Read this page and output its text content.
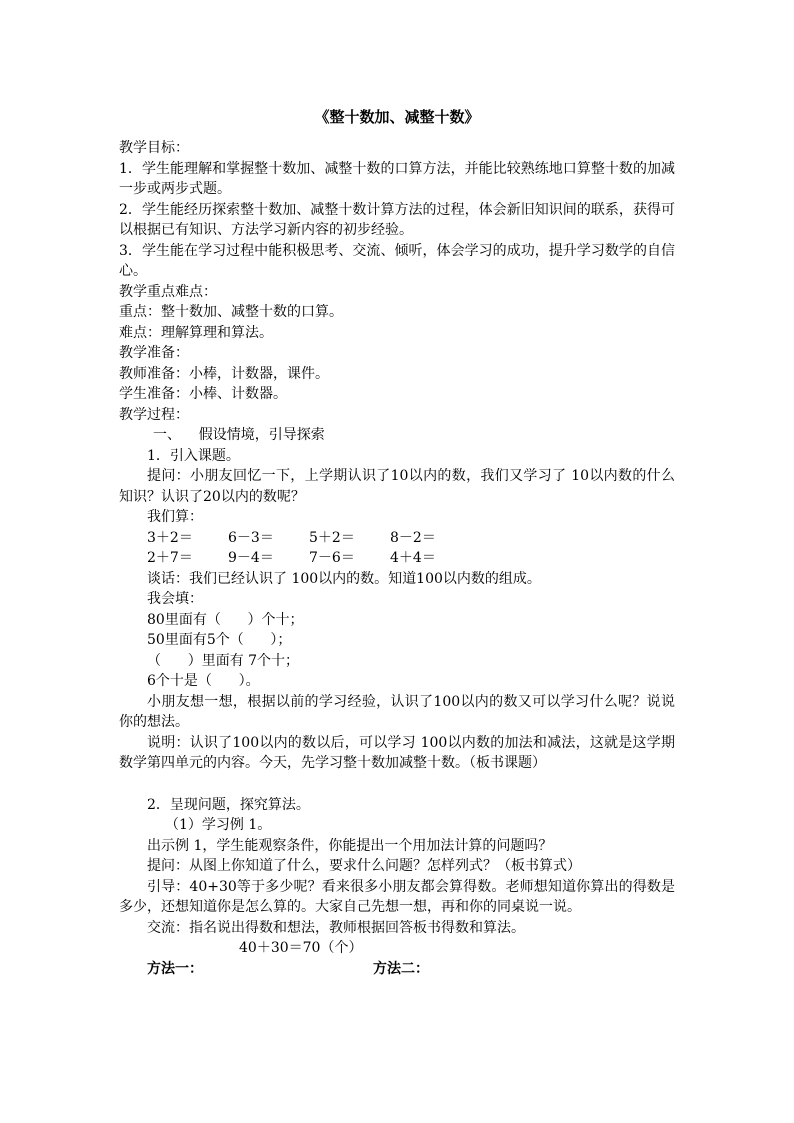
《整十数加、减整十数》

教学目标：

1．学生能理解和掌握整十数加、减整十数的口算方法，并能比较熟练地口算整十数的加减一步或两步式题。

2．学生能经历探索整十数加、减整十数计算方法的过程，体会新旧知识间的联系，获得可以根据已有知识、方法学习新内容的初步经验。

3．学生能在学习过程中能积极思考、交流、倾听，体会学习的成功，提升学习数学的自信心。

教学重点难点：

重点：整十数加、减整十数的口算。

难点：理解算理和算法。

教学准备：

教师准备：小棒，计数器，课件。

学生准备：小棒、计数器。

教学过程：

一、    假设情境，引导探索

1．引入课题。

提问：小朋友回忆一下，上学期认识了10以内的数，我们又学习了 10以内数的什么知识？认识了20以内的数呢？

我们算：

3＋2＝	6－3＝	5＋2＝	8－2＝
2＋7＝	9－4＝	7－6＝	4＋4＝

谈话：我们已经认识了 100以内的数。知道100以内数的组成。

我会填：

80里面有（      ）个十；

50里面有5个（      ）；

（      ）里面有 7个十；

6个十是（      ）。

小朋友想一想，根据以前的学习经验，认识了100以内的数又可以学习什么呢？说说你的想法。

说明：认识了100以内的数以后，可以学习 100以内数的加法和减法，这就是这学期数学第四单元的内容。今天，先学习整十数加减整十数。（板书课题）

2．呈现问题，探究算法。

（1）学习例 1。

出示例 1，学生能观察条件，你能提出一个用加法计算的问题吗？

提问：从图上你知道了什么，要求什么问题？怎样列式？（板书算式）

引导：40+30等于多少呢？看来很多小朋友都会算得数。老师想知道你算出的得数是多少，还想知道你是怎么算的。大家自己先想一想，再和你的同桌说一说。

交流：指名说出得数和想法，教师根据回答板书得数和算法。

40＋30＝70（个）

方法一：	方法二：
